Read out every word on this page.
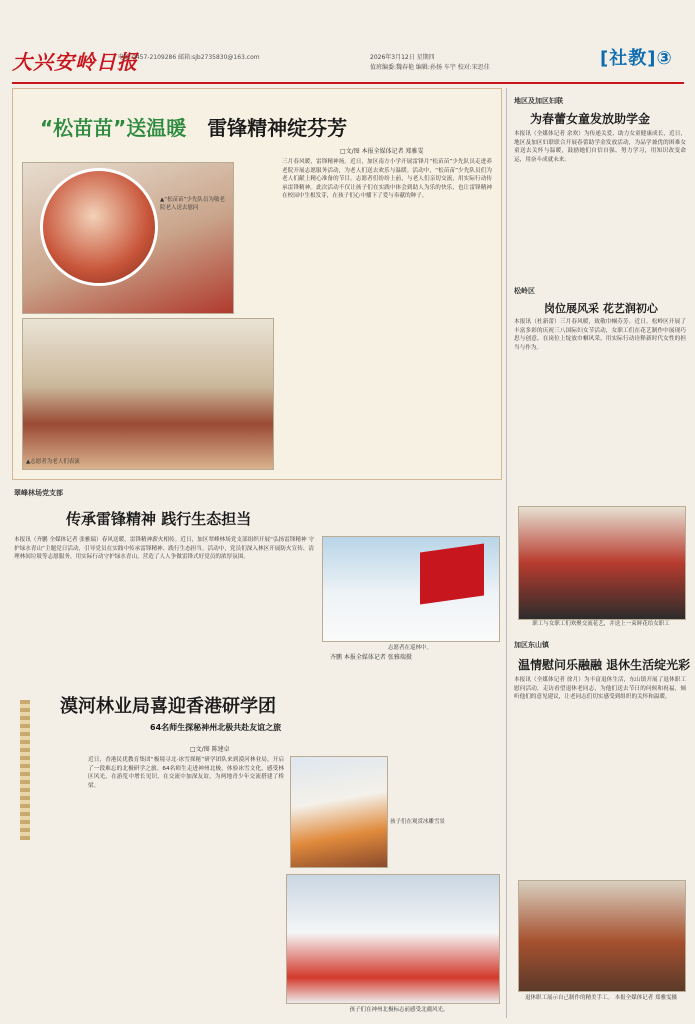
大兴安岭日报
电话:0457-2109286 邮箱:sjb2735830@163.com	2026年3月12日 星期四
值班编委:魏春艳 编辑:孙扬 车宇 校对:宋思佳	[社教]③
“松苗苗”送温暖 雷锋精神绽芬芳
□文/图 本报全媒体记者 郑雅雯
▲“松苗苗”少先队员为敬老院老人送去慰问
▲志愿者为老人们表演
三月春风暖，雷锋精神扬。近日，加区南方小学开展雷锋月“松苗苗”少先队员走进养老院开展志愿服务活动，为老人们送去欢乐与温暖。活动中，“松苗苗”少先队员们为老人们献上精心准备的节目。志愿者们纷纷上前，与老人们亲切交流，用实际行动传承雷锋精神。此次活动不仅让孩子们在实践中体会到助人为乐的快乐，也让雷锋精神在校园中生根发芽，在孩子们心中播下了爱与奉献的种子。
翠峰林场党支部
传承雷锋精神 践行生态担当
本报讯（齐鹏 全媒体记者 张雅瑞）春风送暖，雷锋精神薪火相传。近日，加区翠峰林场党支部组织开展“弘扬雷锋精神 守护绿水青山”主题党日活动，引导党员在实践中传承雷锋精神、践行生态担当。活动中，党员们深入林区开展防火宣传、清理林间垃圾等志愿服务，用实际行动守护绿水青山，营造了人人争做雷锋式好党员的浓厚氛围。
志愿者在巡林中。
齐鹏 本报全媒体记者 张雅瑞摄
漠河林业局喜迎香港研学团
64名师生探秘神州北极共赴友谊之旅
□文/图 陈建卓
近日，香港民优教育集团“极境寻北·冰雪探秘”研学团队来到漠河林业局，开启了一段难忘的北极研学之旅。64名师生走进神州北极，体验冰雪文化，感受林区风光，在游览中增长见识，在交流中加深友谊，为两地青少年交流搭建了桥梁。
孩子们在观赏冰雕雪景
孩子们在神州北极标志前感受北疆风光。
地区及加区妇联
为春蕾女童发放助学金
本报讯（全媒体记者 余欢）为传递关爱、助力女童健康成长，近日，地区及加区妇联联合开展春蕾助学金发放活动，为品学兼优的困难女童送去关怀与温暖，鼓励她们自信自强、努力学习，用知识改变命运，用奋斗成就未来。
松岭区
岗位展风采 花艺润初心
本报讯（杜新蕾）三月春风暖，致敬巾帼芬芳。近日，松岭区开展了丰富多彩的庆祝三八国际妇女节活动，女职工们在花艺制作中展现巧思与创意，在岗位上绽放巾帼风采，用实际行动诠释新时代女性的担当与作为。
职工与女职工们欢聚交流花艺，并送上一束鲜花给女职工
加区东山镇
温情慰问乐融融 退休生活绽光彩
本报讯（全媒体记者 徐月）为丰富退休生活，东山镇开展了退休职工慰问活动，走访看望退休老同志，为他们送去节日的问候和祝福，倾听他们的意见建议，让老同志们切实感受到组织的关怀和温暖。
退休职工展示自己制作的精美手工。 本报全媒体记者 郑雅雯摄
